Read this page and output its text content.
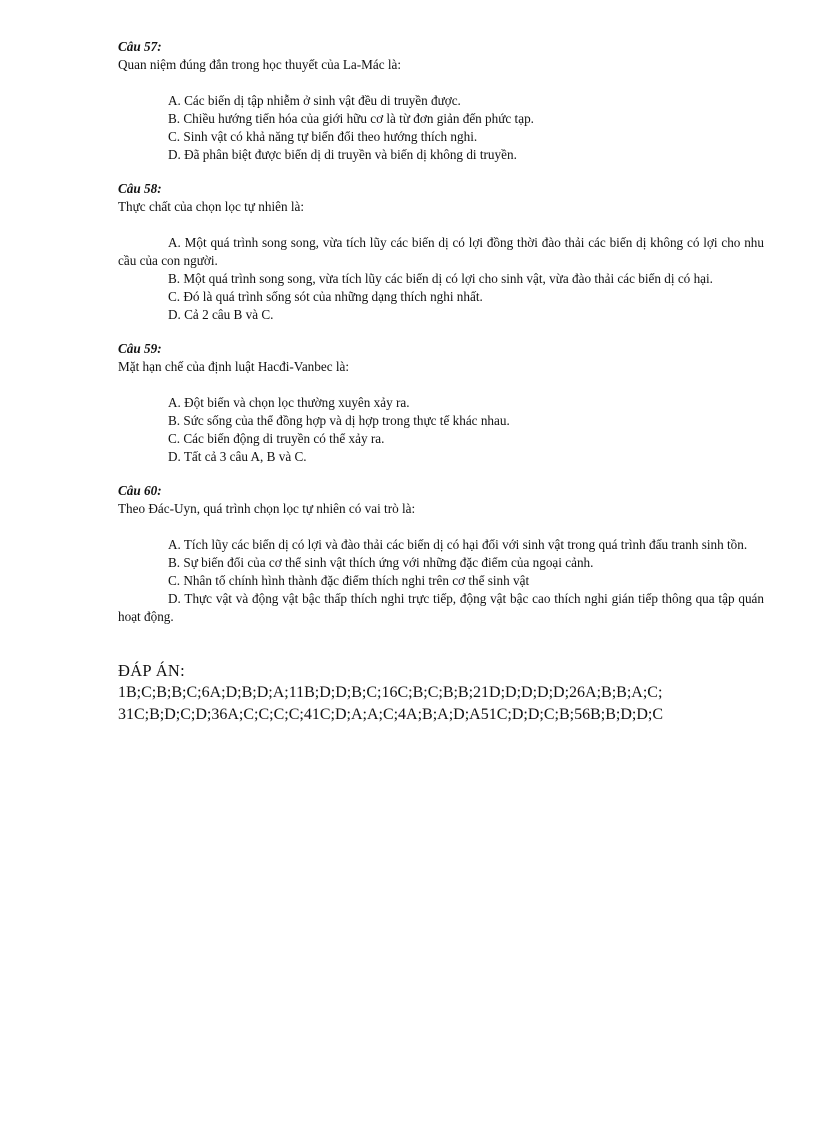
Câu 57:
Quan niệm đúng đắn trong học thuyết của La-Mác là:
A. Các biến dị tập nhiễm ở sinh vật đều di truyền được.
B. Chiều hướng tiến hóa của giới hữu cơ là từ đơn giản đến phức tạp.
C. Sinh vật có khả năng tự biến đổi theo hướng thích nghi.
D. Đã phân biệt được biến dị di truyền và biến dị không di truyền.
Câu 58:
Thực chất của chọn lọc tự nhiên là:
A. Một quá trình song song, vừa tích lũy các biến dị có lợi đồng thời đào thải các biến dị không có lợi cho nhu cầu của con người.
B. Một quá trình song song, vừa tích lũy các biến dị có lợi cho sinh vật, vừa đào thải các biến dị có hại.
C. Đó là quá trình sống sót của những dạng thích nghi nhất.
D. Cả 2 câu B và C.
Câu 59:
Mặt hạn chế của định luật Hacđi-Vanbec là:
A. Đột biến và chọn lọc thường xuyên xảy ra.
B. Sức sống của thể đồng hợp và dị hợp trong thực tế khác nhau.
C. Các biến động di truyền có thể xảy ra.
D. Tất cả 3 câu A, B và C.
Câu 60:
Theo Đác-Uyn, quá trình chọn lọc tự nhiên có vai trò là:
A. Tích lũy các biến dị có lợi và đào thải các biến dị có hại đối với sinh vật trong quá trình đấu tranh sinh tồn.
B. Sự biến đổi của cơ thể sinh vật thích ứng với những đặc điểm của ngoại cảnh.
C. Nhân tố chính hình thành đặc điểm thích nghi trên cơ thể sinh vật
D. Thực vật và động vật bậc thấp thích nghi trực tiếp, động vật bậc cao thích nghi gián tiếp thông qua tập quán hoạt động.
ĐÁP ÁN:
1B;C;B;B;C;6A;D;B;D;A;11B;D;D;B;C;16C;B;C;B;B;21D;D;D;D;D;26A;B;B;A;C;
31C;B;D;C;D;36A;C;C;C;C;41C;D;A;A;C;4A;B;A;D;A51C;D;D;C;B;56B;B;D;D;C
